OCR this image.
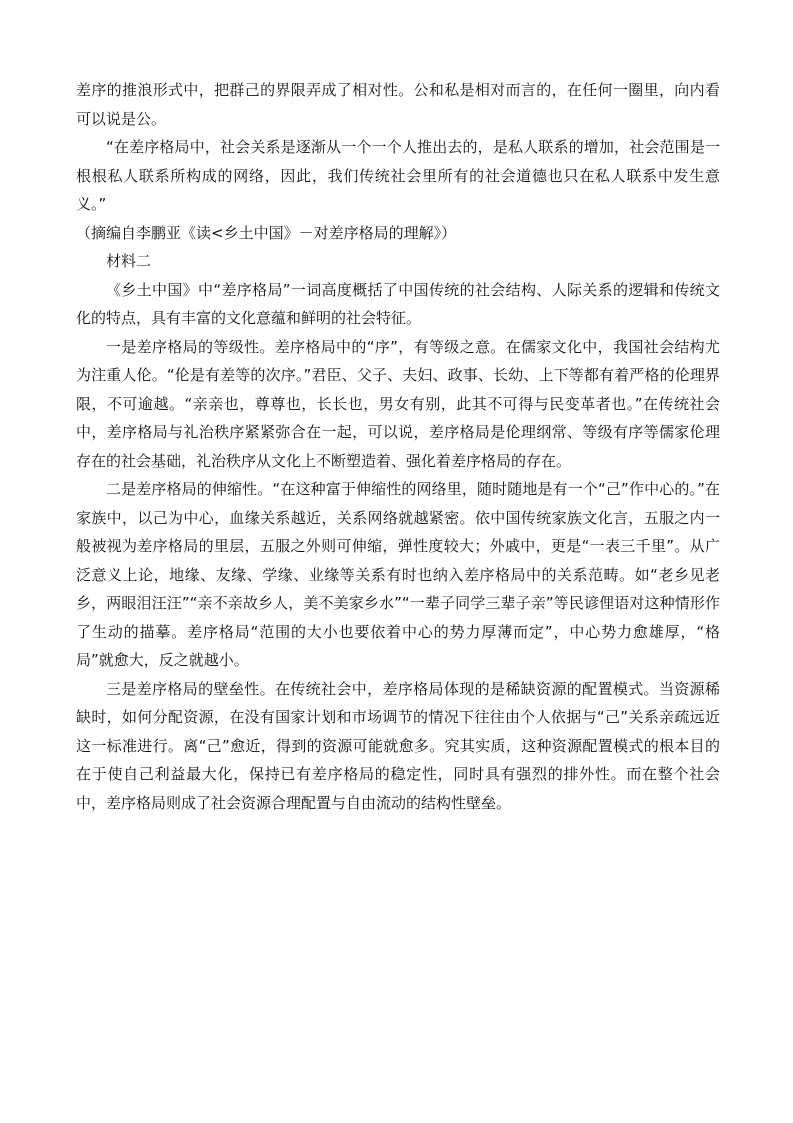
差序的推浪形式中，把群己的界限弄成了相对性。公和私是相对而言的，在任何一圈里，向内看可以说是公。

“在差序格局中，社会关系是逐渐从一个一个人推出去的，是私人联系的增加，社会范围是一根根私人联系所构成的网络，因此，我们传统社会里所有的社会道德也只在私人联系中发生意义。”

（摘编自李鹏亚《读<乡土中国》－对差序格局的理解》）

材料二

《乡土中国》中“差序格局”一词高度概括了中国传统的社会结构、人际关系的逻辑和传统文化的特点，具有丰富的文化意蕴和鲜明的社会特征。

一是差序格局的等级性。差序格局中的“序”，有等级之意。在儒家文化中，我国社会结构尤为注重人伦。“伦是有差等的次序。”君臣、父子、夫妇、政事、长幼、上下等都有着严格的伦理界限，不可逾越。“亲亲也，尊尊也，长长也，男女有别，此其不可得与民变革者也。”在传统社会中，差序格局与礼治秩序紧紧弥合在一起，可以说，差序格局是伦理纲常、等级有序等儒家伦理存在的社会基础，礼治秩序从文化上不断塑造着、强化着差序格局的存在。

二是差序格局的伸缩性。“在这种富于伸缩性的网络里，随时随地是有一个“己”作中心的。”在家族中，以己为中心，血缘关系越近，关系网络就越紧密。依中国传统家族文化言，五服之内一般被视为差序格局的里层，五服之外则可伸缩，弹性度较大；外戚中，更是“一表三千里”。从广泛意义上论，地缘、友缘、学缘、业缘等关系有时也纳入差序格局中的关系范畴。如“老乡见老乡，两眼泪汪汪”“亲不亲故乡人，美不美家乡水”“一辈子同学三辈子亲”等民谚俚语对这种情形作了生动的描摹。差序格局“范围的大小也要依着中心的势力厚薄而定”，中心势力愈雄厚，“格局”就愈大，反之就越小。

三是差序格局的壁垒性。在传统社会中，差序格局体现的是稀缺资源的配置模式。当资源稀缺时，如何分配资源，在没有国家计划和市场调节的情况下往往由个人依据与“己”关系亲疏远近这一标准进行。离“己”愈近，得到的资源可能就愈多。究其实质，这种资源配置模式的根本目的在于使自己利益最大化，保持已有差序格局的稳定性，同时具有强烈的排外性。而在整个社会中，差序格局则成了社会资源合理配置与自由流动的结构性壁垒。
